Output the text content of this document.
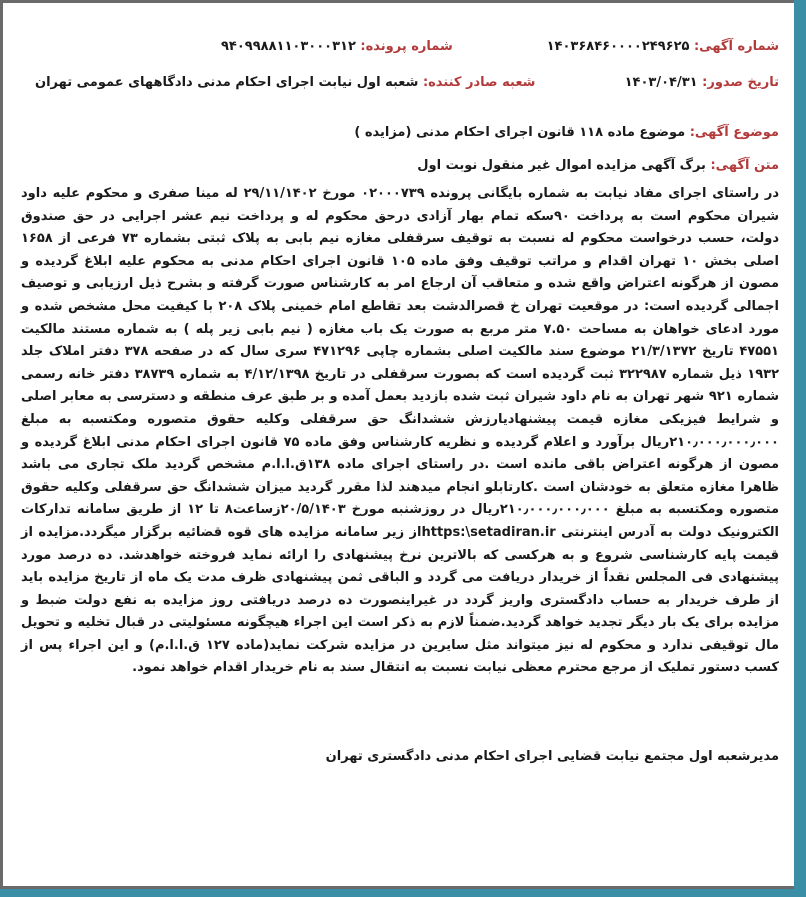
شماره آگهی: ۱۴۰۳۶۸۴۶۰۰۰۰۲۴۹۶۲۵
شماره پرونده: ۹۴۰۹۹۸۸۱۱۰۳۰۰۰۳۱۲
تاریخ صدور: ۱۴۰۳/۰۴/۳۱
شعبه صادر کننده: شعبه اول نیابت اجرای احکام مدنی دادگاههای عمومی تهران
موضوع آگهی: موضوع ماده ۱۱۸ قانون اجرای احکام مدنی (مزایده )
متن آگهی: برگ آگهی مزایده اموال غیر منقول نوبت اول

در راستای اجرای مفاد نیابت به شماره بایگانی پرونده ۰۲۰۰۰۷۳۹ مورخ ۲۹/۱۱/۱۴۰۲ له مینا صفری و محکوم علیه داود شیران محکوم است به پرداخت ۹۰سکه تمام بهار آزادی درحق محکوم له و پرداخت نیم عشر اجرایی در حق صندوق دولت، حسب درخواست محکوم له نسبت به توقیف سرقفلی مغازه نیم بابی به پلاک ثبتی بشماره ۷۳ فرعی از ۱۶۵۸ اصلی بخش ۱۰ تهران اقدام و مراتب توقیف وفق ماده ۱۰۵ قانون اجرای احکام مدنی به محکوم علیه ابلاغ گردیده و مصون از هرگونه اعتراض واقع شده و متعاقب آن ارجاع امر به کارشناس صورت گرفته و بشرح ذیل ارزیابی و توصیف اجمالی گردیده است: در موقعیت تهران خ قصرالدشت بعد تقاطع امام خمینی پلاک ۲۰۸ با کیفیت محل مشخص شده و مورد ادعای خواهان به مساحت ۷.۵۰ متر مربع به صورت یک باب مغازه ( نیم بابی زیر پله ) به شماره مستند مالکیت ۴۷۵۵۱ تاریخ ۲۱/۳/۱۳۷۲ موضوع سند مالکیت اصلی بشماره چاپی ۴۷۱۲۹۶ سری سال که در صفحه ۳۷۸ دفتر املاک جلد ۱۹۳۲ ذیل شماره ۳۲۲۹۸۷ ثبت گردیده است که بصورت سرقفلی در تاریخ ۴/۱۲/۱۳۹۸ به شماره ۳۸۷۳۹ دفتر خانه رسمی شماره ۹۲۱ شهر تهران به نام داود شیران ثبت شده بازدید بعمل آمده و بر طبق عرف منطقه و دسترسی به معابر اصلی و شرایط فیزیکی مغازه قیمت پیشنهادیارزش ششدانگ حق سرقفلی وکلیه حقوق متصوره ومکتسبه به مبلغ ۲۱۰٫۰۰۰٫۰۰۰٫۰۰۰ریال برآورد و اعلام گردیده و نظریه کارشناس وفق ماده ۷۵ قانون اجرای احکام مدنی ابلاغ گردیده و مصون از هرگونه اعتراض باقی مانده است .در راستای اجرای ماده ۱۳۸ق.ا.ا.م مشخص گردید ملک تجاری می باشد ظاهرا مغازه متعلق به خودشان است .کارتابلو انجام میدهند لذا مقرر گردید میزان ششدانگ حق سرقفلی وکلیه حقوق متصوره ومکتسبه به مبلغ ۲۱۰٫۰۰۰٫۰۰۰٫۰۰۰ریال در روزشنبه مورخ ۲۰/۵/۱۴۰۳زساعت۸ تا ۱۲ از طریق سامانه تدارکات الکترونیک دولت به آدرس اینترنتی https:\setadiran.irاز زیر سامانه مزایده های قوه قضائیه برگزار میگردد.مزایده از قیمت پایه کارشناسی شروع و به هرکسی که بالاترین نرخ پیشنهادی را ارائه نماید فروخته خواهدشد. ده درصد مورد پیشنهادی فی المجلس نقداً از خریدار دریافت می گردد و الباقی ثمن پیشنهادی ظرف مدت یک ماه از تاریخ مزایده باید از طرف خریدار به حساب دادگستری واریز گردد در غیراینصورت ده درصد دریافتی روز مزایده به نفع دولت ضبط و مزایده برای یک بار دیگر تجدید خواهد گردید.ضمناً لازم به ذکر است این اجراء هیچگونه مسئولیتی در قبال تخلیه و تحویل مال توقیفی ندارد و محکوم له نیز میتواند مثل سایرین در مزایده شرکت نماید(ماده ۱۲۷ ق.ا.ا.م) و این اجراء پس از کسب دستور تملیک از مرجع محترم معظی نیابت نسبت به انتقال سند به نام خریدار اقدام خواهد نمود.

مدیرشعبه اول مجتمع نیابت قضایی اجرای احکام مدنی دادگستری تهران
